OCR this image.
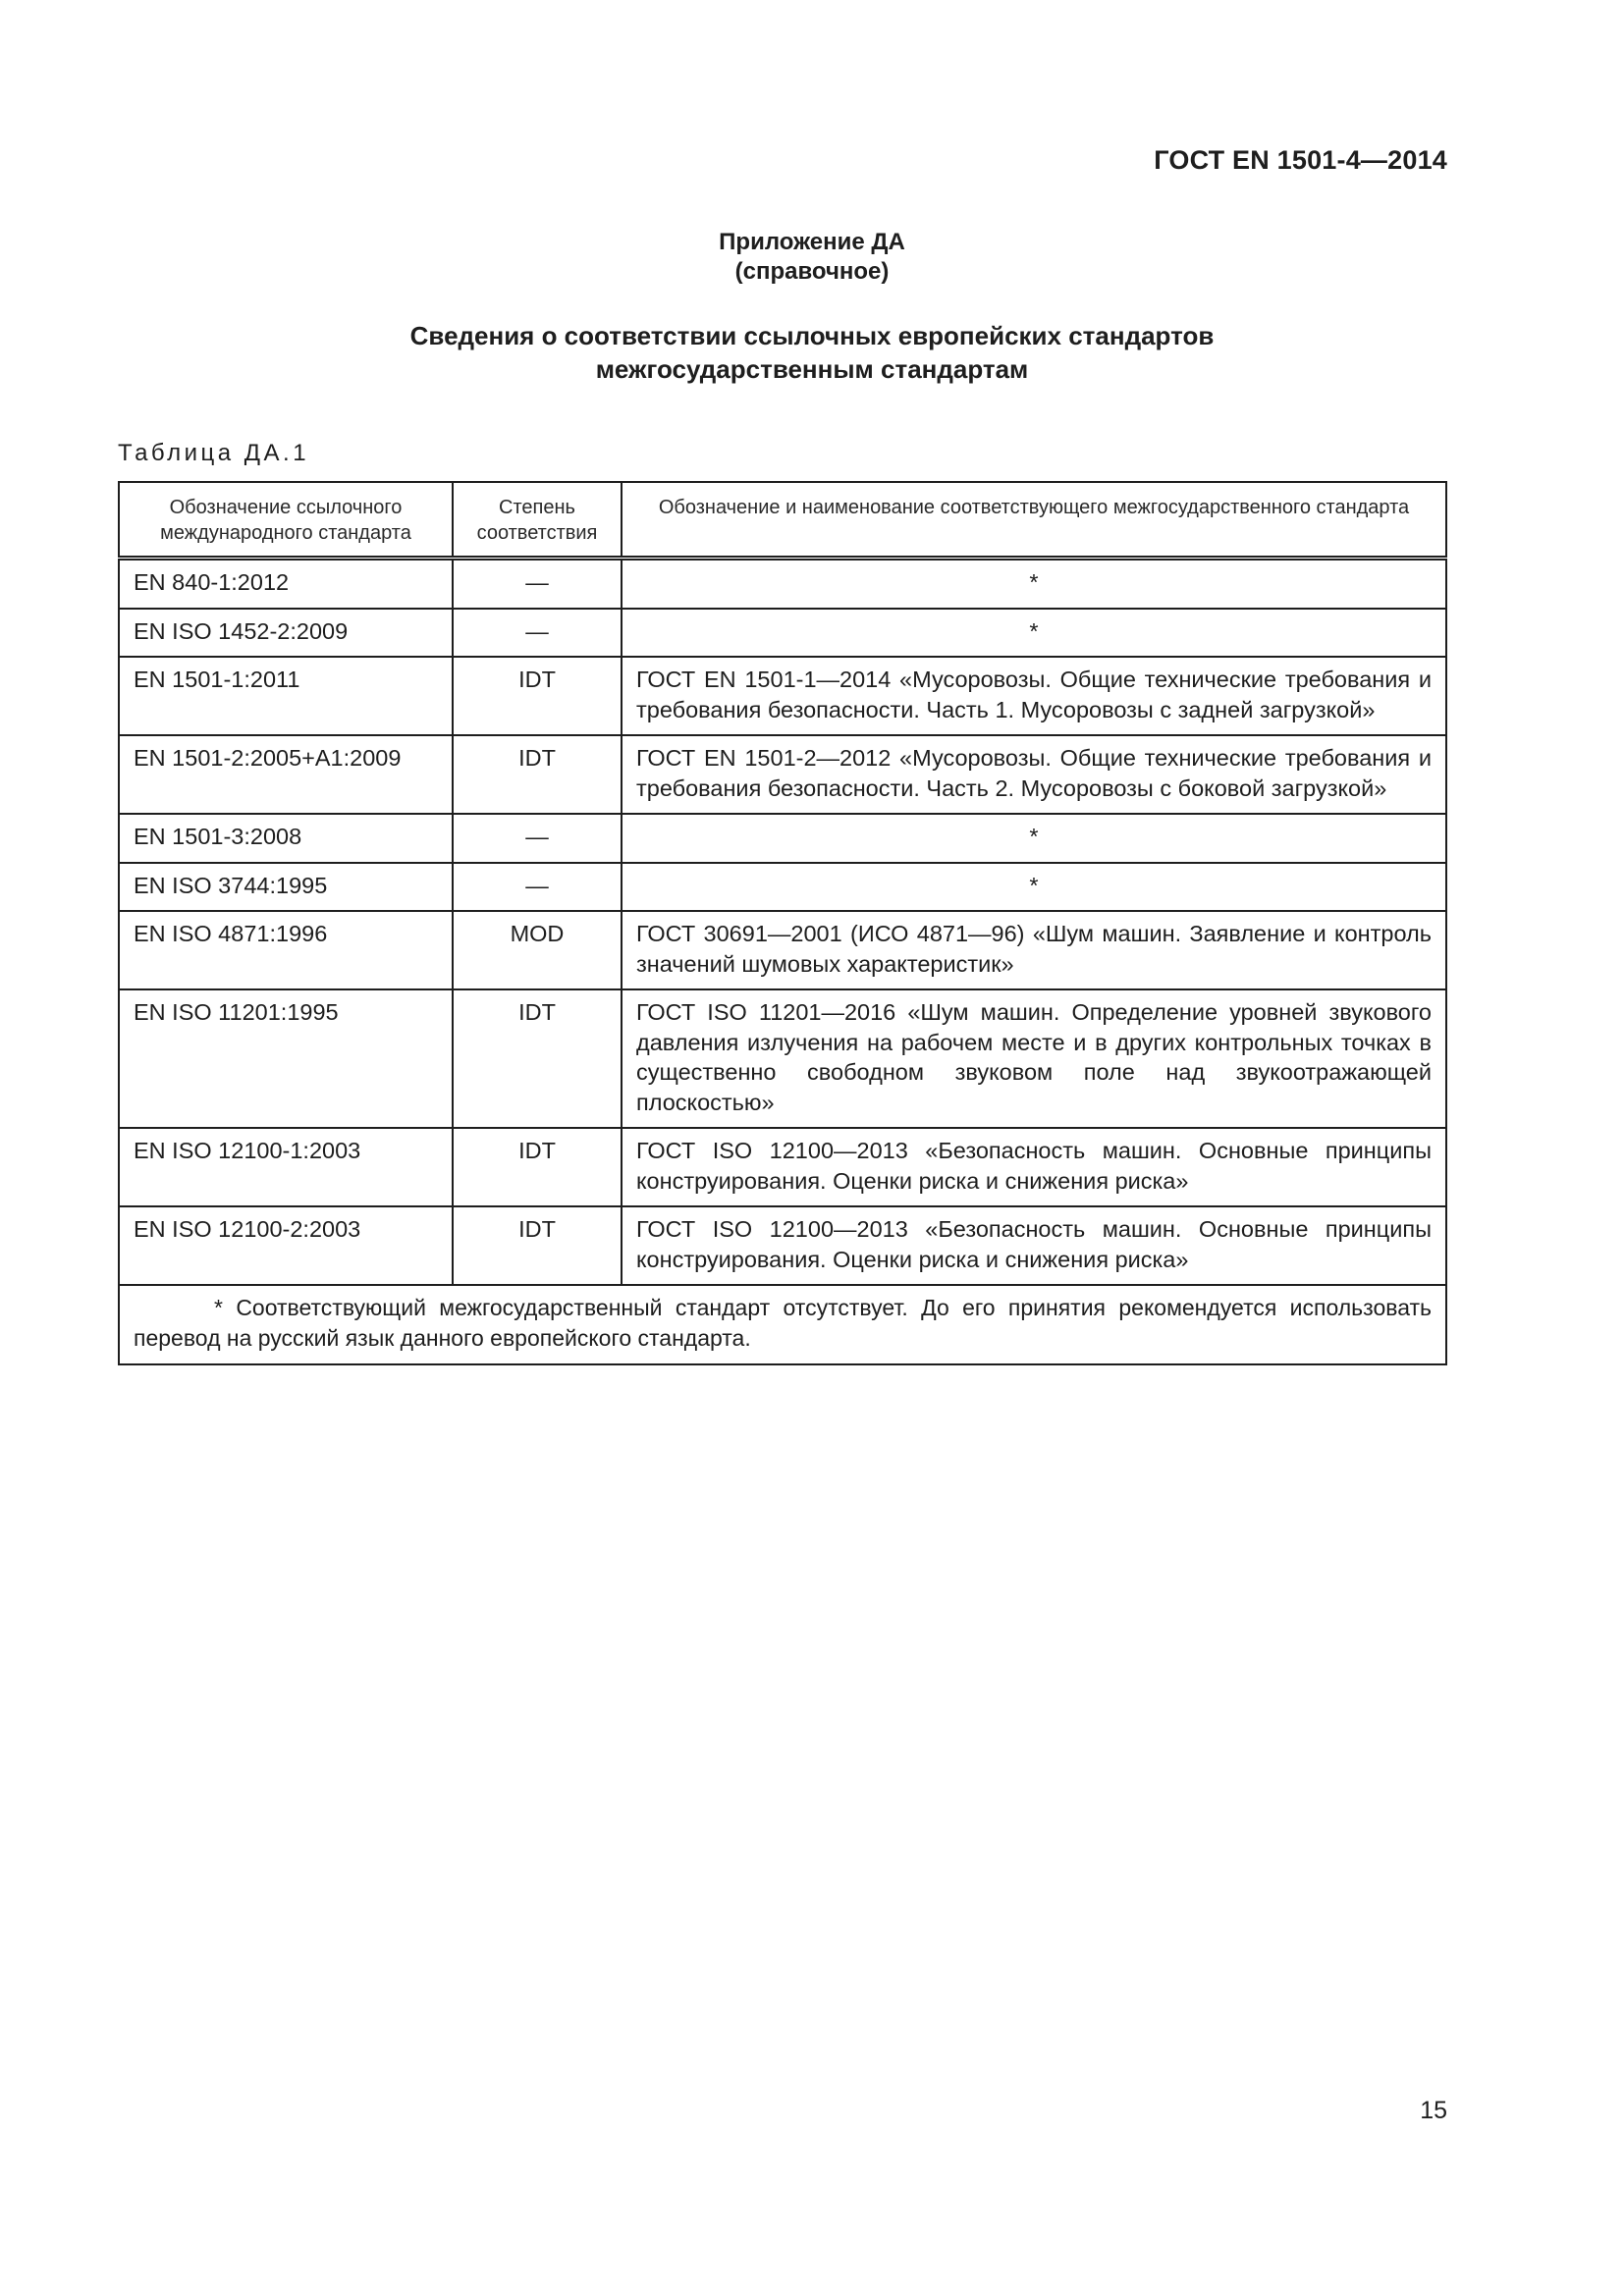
ГОСТ EN 1501-4—2014
Приложение ДА
(справочное)
Сведения о соответствии ссылочных европейских стандартов
межгосударственным стандартам
Таблица ДА.1
Обозначение ссылочного международного стандарта	Степень соответствия	Обозначение и наименование соответствующего межгосударственного стандарта
EN 840-1:2012	—	*
EN ISO 1452-2:2009	—	*
EN 1501-1:2011	IDT	ГОСТ EN 1501-1—2014 «Мусоровозы. Общие технические требования и требования безопасности. Часть 1. Мусоровозы с задней загрузкой»
EN 1501-2:2005+A1:2009	IDT	ГОСТ EN 1501-2—2012 «Мусоровозы. Общие технические требования и требования безопасности. Часть 2. Мусоровозы с боковой загрузкой»
EN 1501-3:2008	—	*
EN ISO 3744:1995	—	*
EN ISO 4871:1996	MOD	ГОСТ 30691—2001 (ИСО 4871—96) «Шум машин. Заявление и контроль значений шумовых характеристик»
EN ISO 11201:1995	IDT	ГОСТ ISO 11201—2016 «Шум машин. Определение уровней звукового давления излучения на рабочем месте и в других контрольных точках в существенно свободном звуковом поле над звукоотражающей плоскостью»
EN ISO 12100-1:2003	IDT	ГОСТ ISO 12100—2013 «Безопасность машин. Основные принципы конструирования. Оценки риска и снижения риска»
EN ISO 12100-2:2003	IDT	ГОСТ ISO 12100—2013 «Безопасность машин. Основные принципы конструирования. Оценки риска и снижения риска»

* Соответствующий межгосударственный стандарт отсутствует. До его принятия рекомендуется использовать перевод на русский язык данного европейского стандарта.		
15
